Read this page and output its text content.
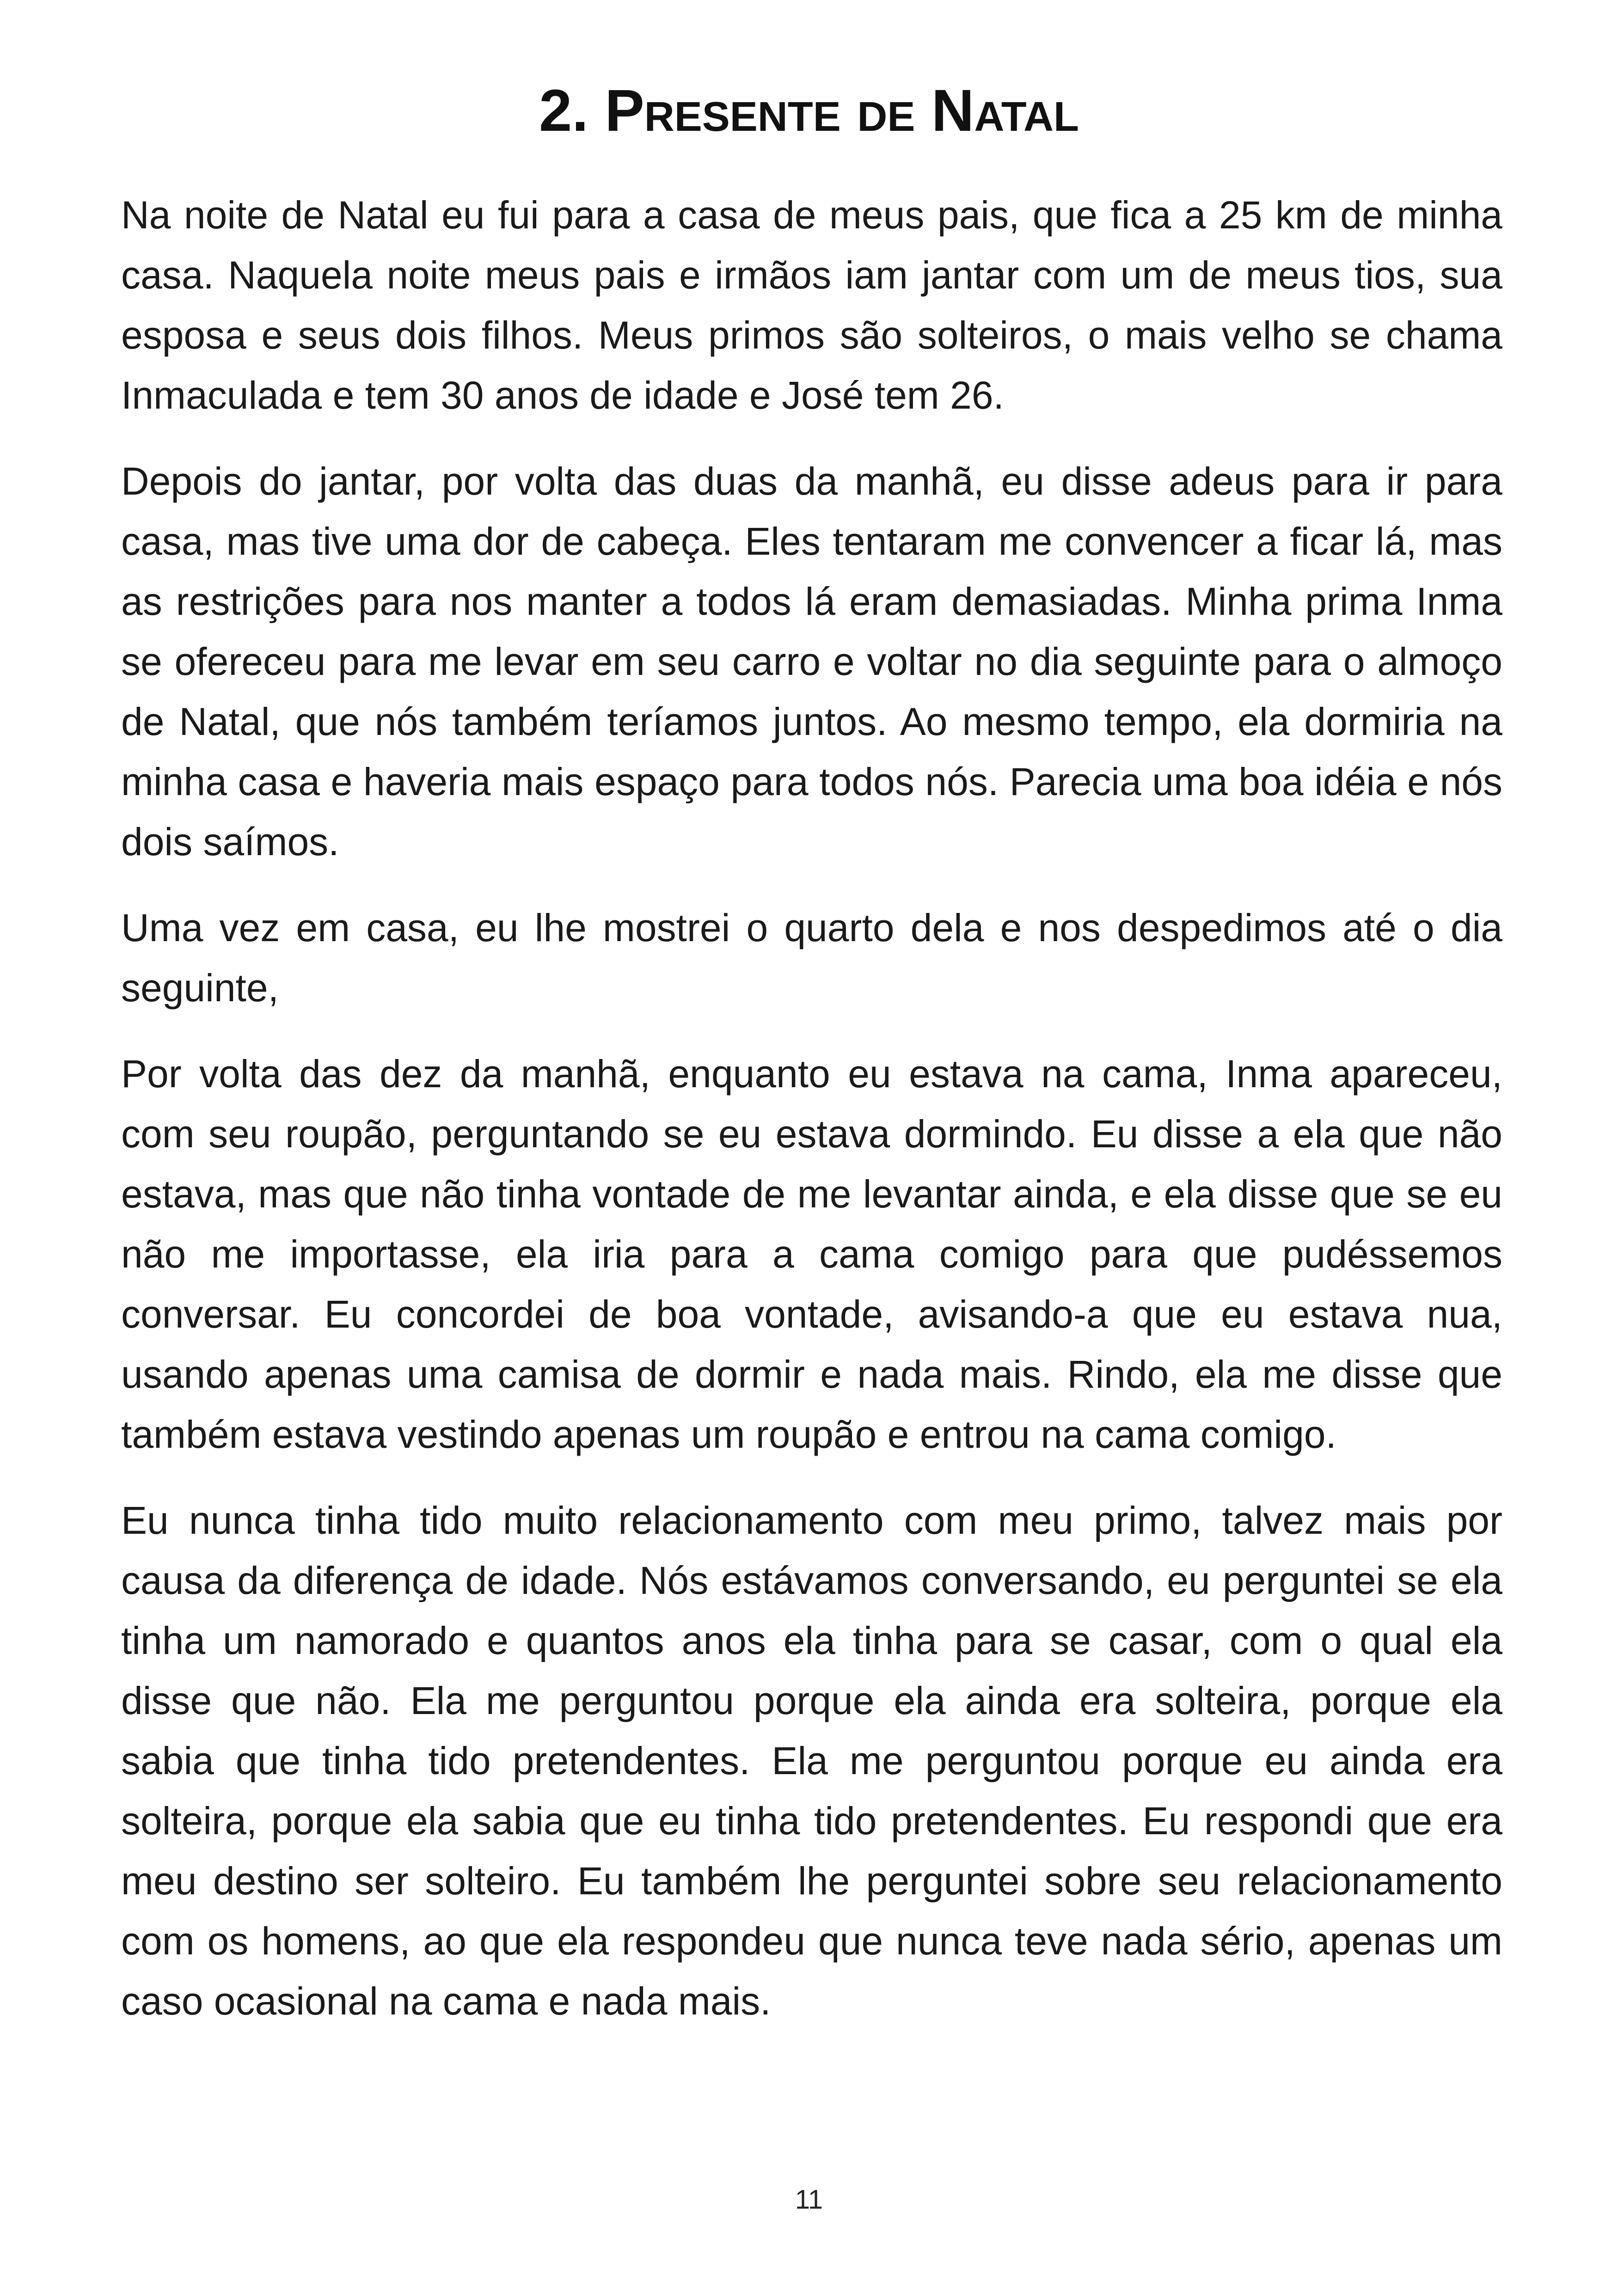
2. Presente de Natal

Na noite de Natal eu fui para a casa de meus pais, que fica a 25 km de minha casa. Naquela noite meus pais e irmãos iam jantar com um de meus tios, sua esposa e seus dois filhos. Meus primos são solteiros, o mais velho se chama Inmaculada e tem 30 anos de idade e José tem 26.

Depois do jantar, por volta das duas da manhã, eu disse adeus para ir para casa, mas tive uma dor de cabeça. Eles tentaram me convencer a ficar lá, mas as restrições para nos manter a todos lá eram demasiadas. Minha prima Inma se ofereceu para me levar em seu carro e voltar no dia seguinte para o almoço de Natal, que nós também teríamos juntos. Ao mesmo tempo, ela dormiria na minha casa e haveria mais espaço para todos nós. Parecia uma boa idéia e nós dois saímos.

Uma vez em casa, eu lhe mostrei o quarto dela e nos despedimos até o dia seguinte,

Por volta das dez da manhã, enquanto eu estava na cama, Inma apareceu, com seu roupão, perguntando se eu estava dormindo. Eu disse a ela que não estava, mas que não tinha vontade de me levantar ainda, e ela disse que se eu não me importasse, ela iria para a cama comigo para que pudéssemos conversar. Eu concordei de boa vontade, avisando-a que eu estava nua, usando apenas uma camisa de dormir e nada mais. Rindo, ela me disse que também estava vestindo apenas um roupão e entrou na cama comigo.

Eu nunca tinha tido muito relacionamento com meu primo, talvez mais por causa da diferença de idade. Nós estávamos conversando, eu perguntei se ela tinha um namorado e quantos anos ela tinha para se casar, com o qual ela disse que não. Ela me perguntou porque ela ainda era solteira, porque ela sabia que tinha tido pretendentes. Ela me perguntou porque eu ainda era solteira, porque ela sabia que eu tinha tido pretendentes. Eu respondi que era meu destino ser solteiro. Eu também lhe perguntei sobre seu relacionamento com os homens, ao que ela respondeu que nunca teve nada sério, apenas um caso ocasional na cama e nada mais.

11
